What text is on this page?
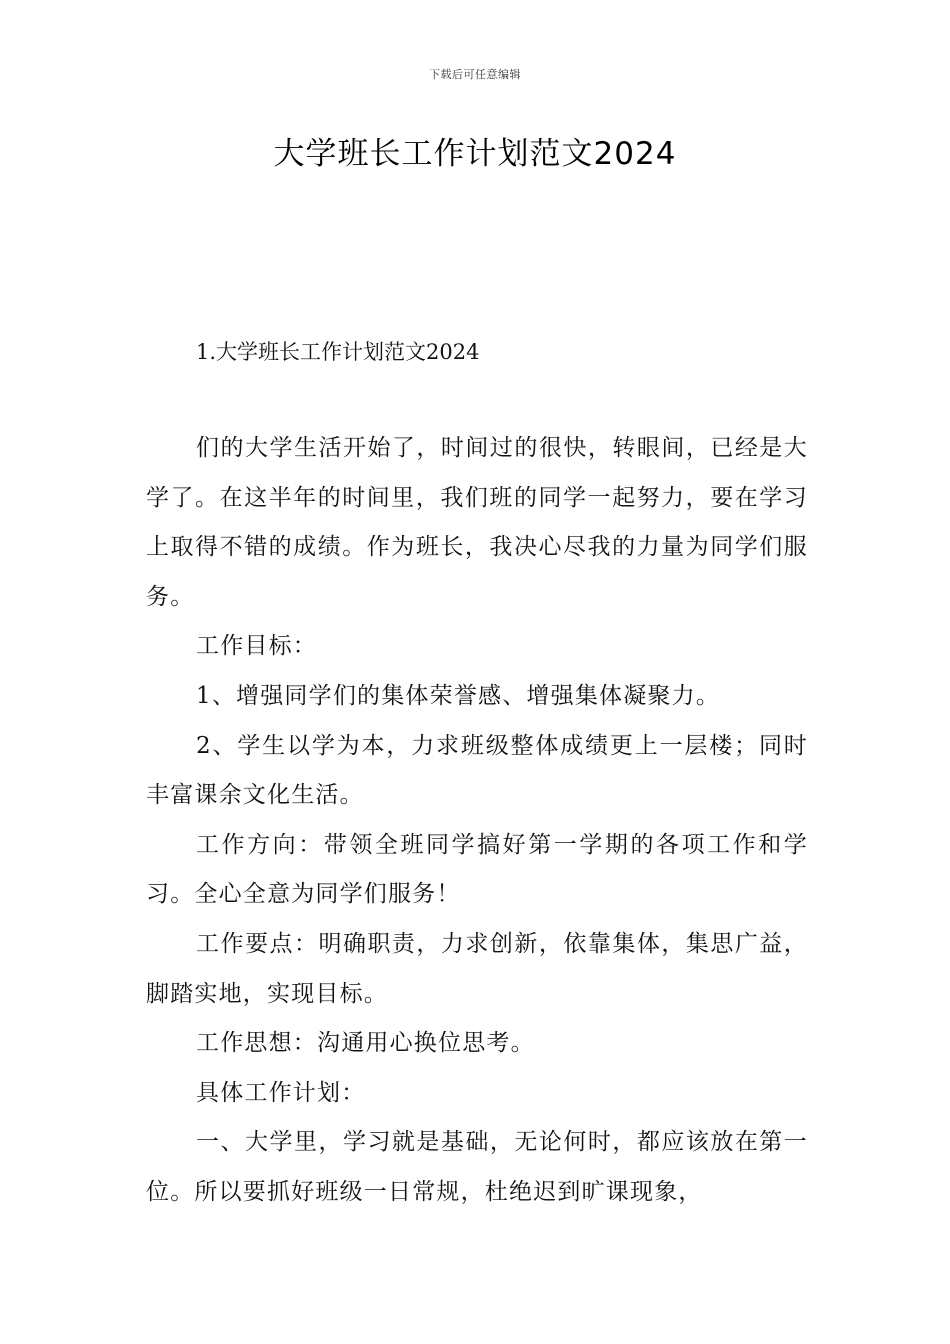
下载后可任意编辑
大学班长工作计划范文2024

1.大学班长工作计划范文2024

们的大学生活开始了，时间过的很快，转眼间，已经是大学了。在这半年的时间里，我们班的同学一起努力，要在学习上取得不错的成绩。作为班长，我决心尽我的力量为同学们服务。

工作目标：

1、增强同学们的集体荣誉感、增强集体凝聚力。

2、学生以学为本，力求班级整体成绩更上一层楼；同时丰富课余文化生活。

工作方向：带领全班同学搞好第一学期的各项工作和学习。全心全意为同学们服务！

工作要点：明确职责，力求创新，依靠集体，集思广益，脚踏实地，实现目标。

工作思想：沟通用心换位思考。

具体工作计划：

一、大学里，学习就是基础，无论何时，都应该放在第一位。所以要抓好班级一日常规，杜绝迟到旷课现象，
